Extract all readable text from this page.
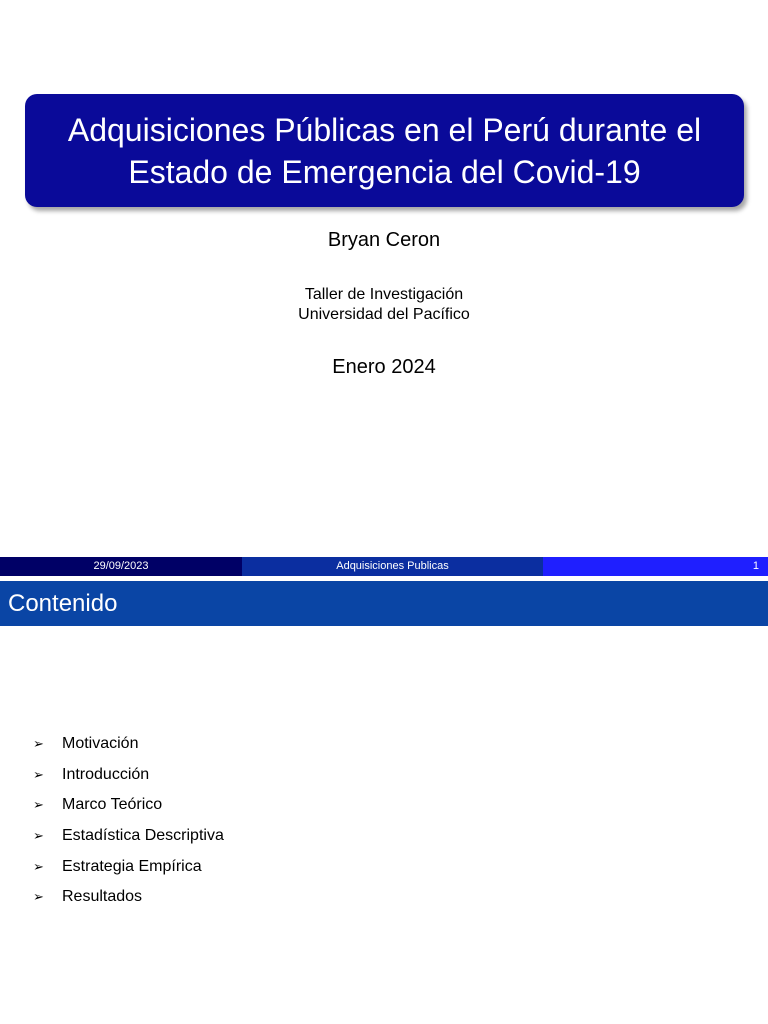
Adquisiciones Públicas en el Perú durante el
Estado de Emergencia del Covid-19
Bryan Ceron
Taller de Investigación
Universidad del Pacífico
Enero 2024
29/09/2023	Adquisiciones Publicas	1
Contenido
➢	Motivación
➢	Introducción
➢	Marco Teórico
➢	Estadística Descriptiva
➢	Estrategia Empírica
➢	Resultados
